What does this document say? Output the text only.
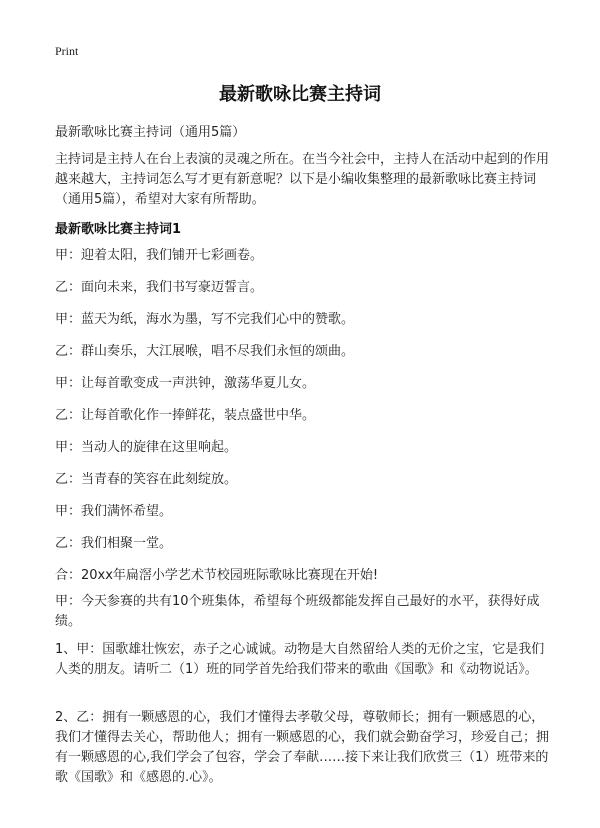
Print
最新歌咏比赛主持词
最新歌咏比赛主持词（通用5篇）
主持词是主持人在台上表演的灵魂之所在。在当今社会中，主持人在活动中起到的作用越来越大，主持词怎么写才更有新意呢？以下是小编收集整理的最新歌咏比赛主持词（通用5篇），希望对大家有所帮助。
最新歌咏比赛主持词1
甲：迎着太阳，我们铺开七彩画卷。
乙：面向未来，我们书写豪迈誓言。
甲：蓝天为纸，海水为墨，写不完我们心中的赞歌。
乙：群山奏乐，大江展喉，唱不尽我们永恒的颂曲。
甲：让每首歌变成一声洪钟，激荡华夏儿女。
乙：让每首歌化作一捧鲜花，装点盛世中华。
甲：当动人的旋律在这里响起。
乙：当青春的笑容在此刻绽放。
甲：我们满怀希望。
乙：我们相聚一堂。
合：20xx年扁滘小学艺术节校园班际歌咏比赛现在开始!
甲：今天参赛的共有10个班集体，希望每个班级都能发挥自己最好的水平，获得好成绩。
1、甲：国歌雄壮恢宏，赤子之心诚诚。动物是大自然留给人类的无价之宝，它是我们人类的朋友。请听二（1）班的同学首先给我们带来的歌曲《国歌》和《动物说话》。
2、乙：拥有一颗感恩的心，我们才懂得去孝敬父母，尊敬师长；拥有一颗感恩的心，我们才懂得去关心，帮助他人；拥有一颗感恩的心，我们就会勤奋学习，珍爱自己；拥有一颗感恩的心,我们学会了包容，学会了奉献……接下来让我们欣赏三（1）班带来的歌《国歌》和《感恩的.心》。
